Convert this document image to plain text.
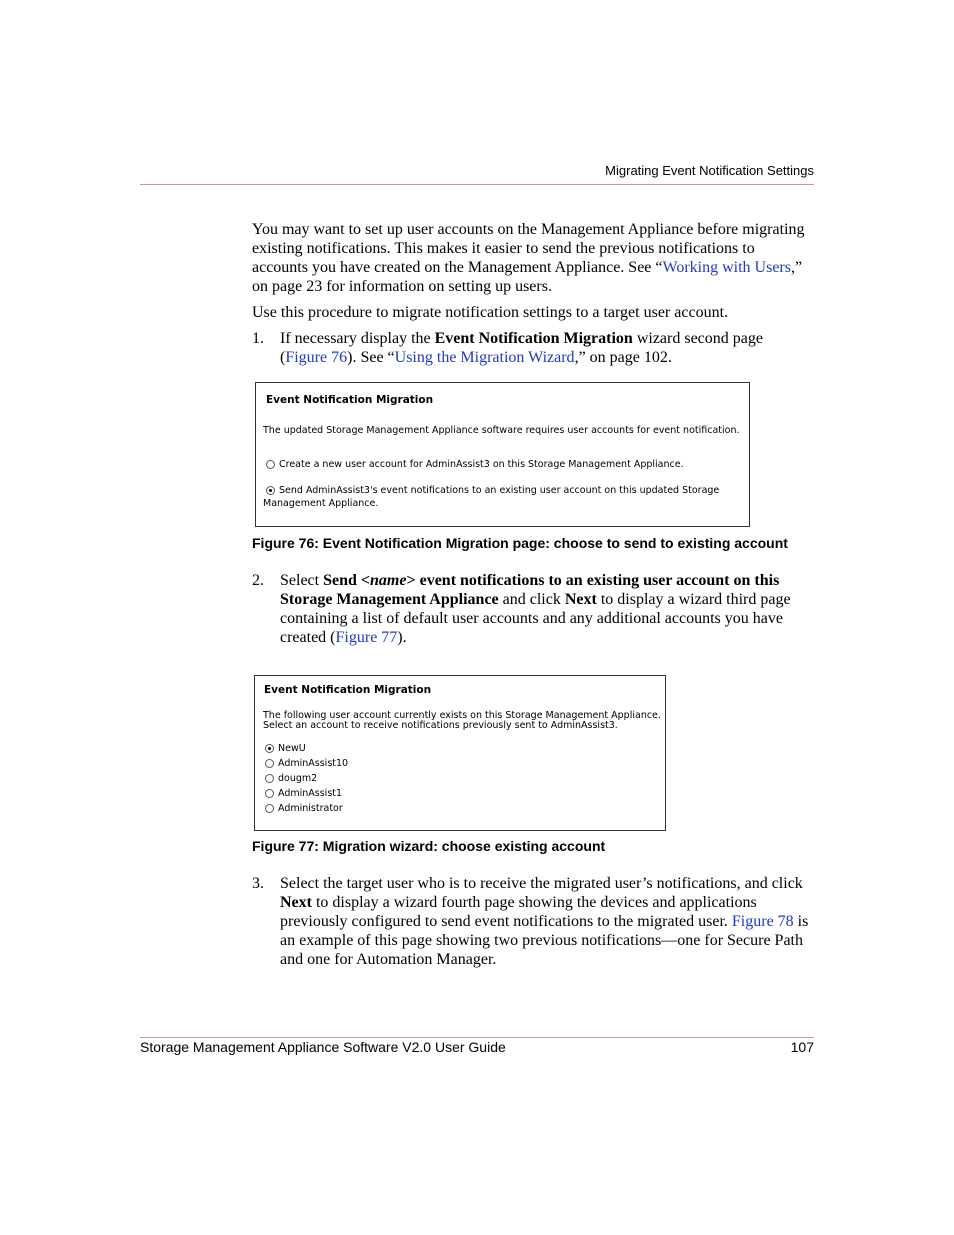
Migrating Event Notification Settings
You may want to set up user accounts on the Management Appliance before migrating existing notifications. This makes it easier to send the previous notifications to accounts you have created on the Management Appliance. See “Working with Users,” on page 23 for information on setting up users.
Use this procedure to migrate notification settings to a target user account.
1. If necessary display the Event Notification Migration wizard second page (Figure 76). See “Using the Migration Wizard,” on page 102.
Event Notification Migration
The updated Storage Management Appliance software requires user accounts for event notification.
Create a new user account for AdminAssist3 on this Storage Management Appliance.
Send AdminAssist3's event notifications to an existing user account on this updated Storage
Management Appliance.
Figure 76: Event Notification Migration page: choose to send to existing account
2. Select Send <name> event notifications to an existing user account on this Storage Management Appliance and click Next to display a wizard third page containing a list of default user accounts and any additional accounts you have created (Figure 77).
Event Notification Migration
The following user account currently exists on this Storage Management Appliance.
Select an account to receive notifications previously sent to AdminAssist3.
NewU
AdminAssist10
dougm2
AdminAssist1
Administrator
Figure 77: Migration wizard: choose existing account
3. Select the target user who is to receive the migrated user’s notifications, and click Next to display a wizard fourth page showing the devices and applications previously configured to send event notifications to the migrated user. Figure 78 is an example of this page showing two previous notifications—one for Secure Path and one for Automation Manager.
Storage Management Appliance Software V2.0 User Guide	107
